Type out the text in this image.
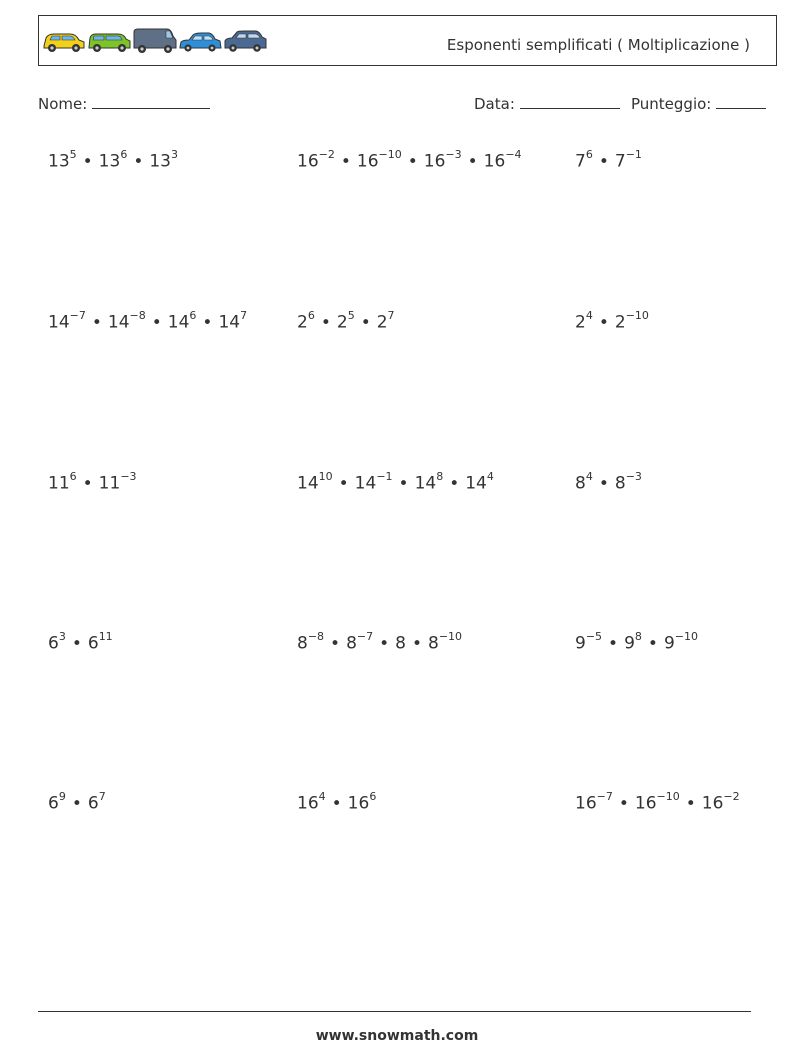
Esponenti semplificati ( Moltiplicazione )
Nome:	Data:	Punteggio:
$13^5$ • $13^6$ • $13^3$	$16^{-2}$ • $16^{-10}$ • $16^{-3}$ • $16^{-4}$	$7^6$ • $7^{-1}$
$14^{-7}$ • $14^{-8}$ • $14^6$ • $14^7$	$2^6$ • $2^5$ • $2^7$	$2^4$ • $2^{-10}$
$11^6$ • $11^{-3}$	$14^{10}$ • $14^{-1}$ • $14^8$ • $14^4$	$8^4$ • $8^{-3}$
$6^3$ • $6^{11}$	$8^{-8}$ • $8^{-7}$ • 8 • $8^{-10}$	$9^{-5}$ • $9^8$ • $9^{-10}$
$6^9$ • $6^7$	$16^4$ • $16^6$	$16^{-7}$ • $16^{-10}$ • $16^{-2}$
www.snowmath.com
